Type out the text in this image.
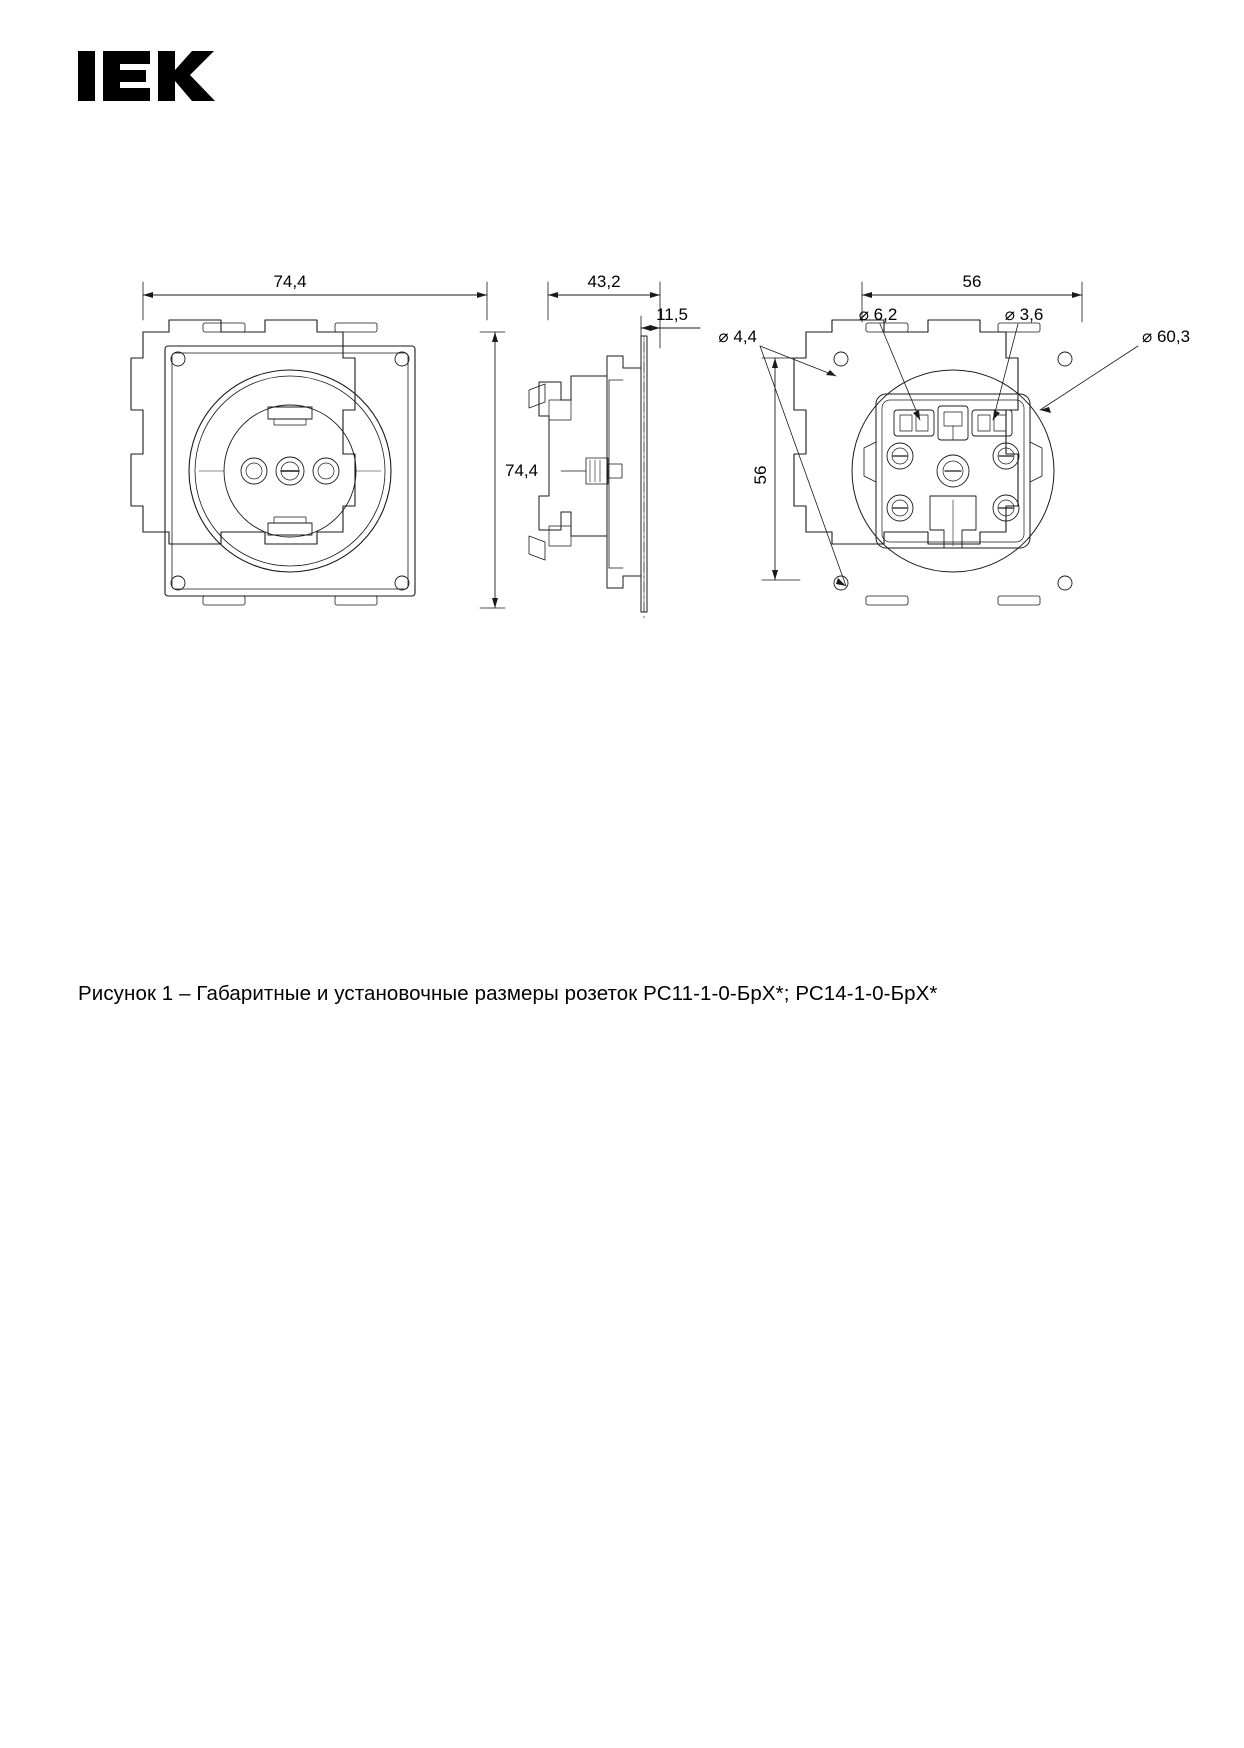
74,4
74,4
43,2
11,5
56
56
⌀ 4,4
⌀ 6,2	⌀ 3,6
⌀ 60,3
Рисунок 1 – Габаритные и установочные размеры розеток РС11-1-0-БрХ*; РС14-1-0-БрХ*
